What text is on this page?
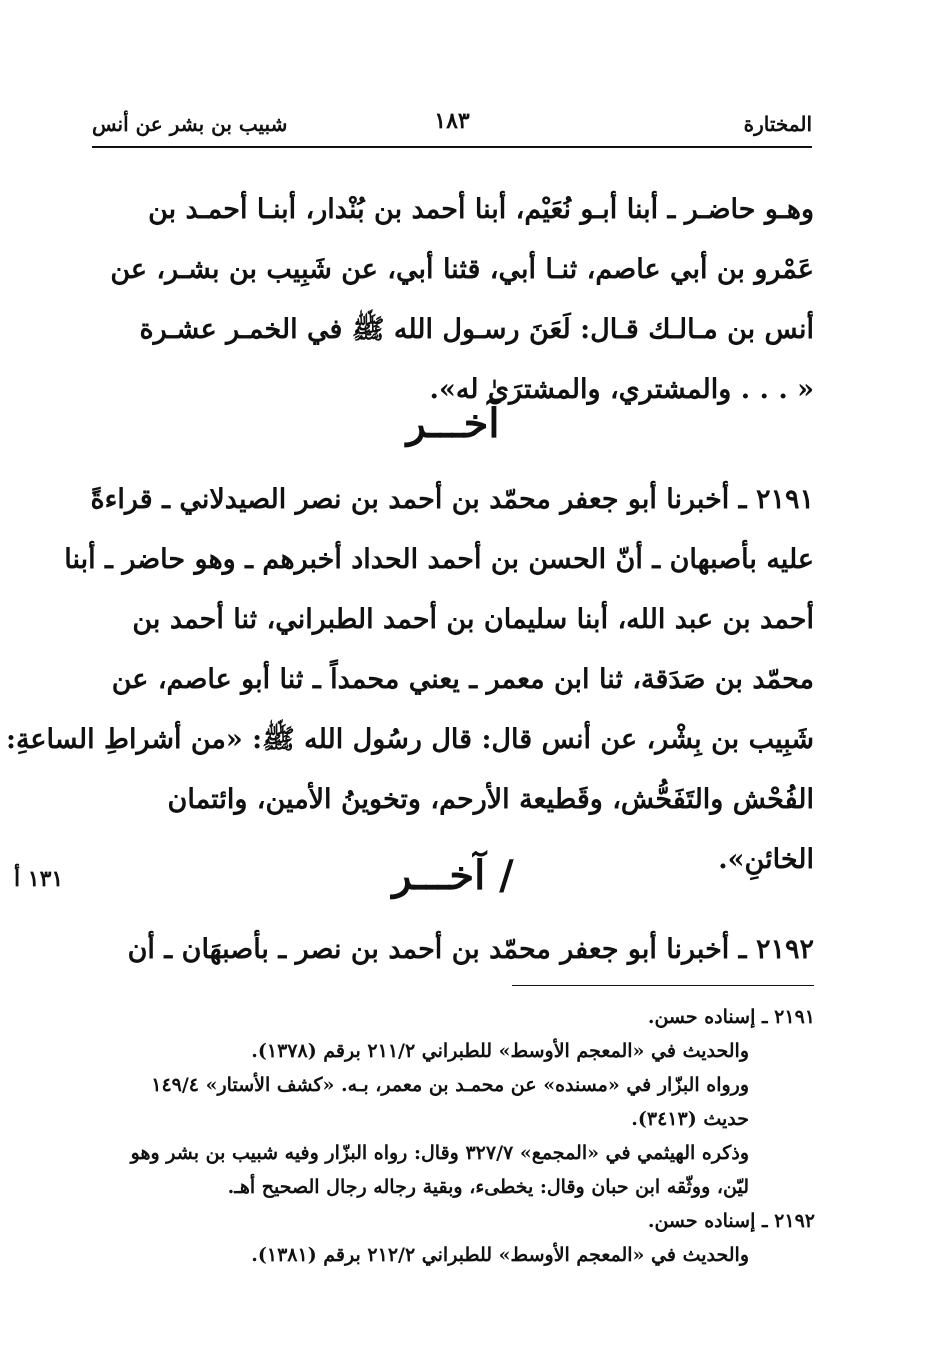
المختارة
١٨٣
شبيب بن بشر عن أنس
وهـو حاضـر ـ أبنا أبـو نُعَيْم، أبنا أحمد بن بُنْدار، أبنـا أحمـد بن
عَمْرو بن أبي عاصم، ثنـا أبي، قثنا أبي، عن شَبِيب بن بشـر، عن
أنس بن مـالـك قـال: لَعَنَ رسـول الله ﷺ في الخمـر عشـرة
« . . . والمشتري، والمشترَىٰ له».
آخـــر
٢١٩١ ـ أخبرنا أبو جعفر محمّد بن أحمد بن نصر الصيدلاني ـ قراءةً
عليه بأصبهان ـ أنّ الحسن بن أحمد الحداد أخبرهم ـ وهو حاضر ـ أبنا
أحمد بن عبد الله، أبنا سليمان بن أحمد الطبراني، ثنا أحمد بن
محمّد بن صَدَقة، ثنا ابن معمر ـ يعني محمداً ـ ثنا أبو عاصم، عن
شَبِيب بن بِشْر، عن أنس قال: قال رسُول الله ﷺ: «من أشراطِ الساعةِ:
الفُحْش والتَفَحُّش، وقَطيعة الأرحم، وتخوينُ الأمين، وائتمان
الخائنِ».
/ آخـــر
١٣١ أ
٢١٩٢ ـ أخبرنا أبو جعفر محمّد بن أحمد بن نصر ـ بأصبهَان ـ أن
٢١٩١ ـ إسناده حسن.
والحديث في «المعجم الأوسط» للطبراني ٢١١/٢ برقم (١٣٧٨).
ورواه البزّار في «مسنده» عن محمـد بن معمر، بـه. «كشف الأستار» ١٤٩/٤
حديث (٣٤١٣).
وذكره الهيثمي في «المجمع» ٣٢٧/٧ وقال: رواه البزّار وفيه شبيب بن بشر وهو
ليّن، ووثّقه ابن حبان وقال: يخطىء، وبقية رجاله رجال الصحيح أهـ.
٢١٩٢ ـ إسناده حسن.
والحديث في «المعجم الأوسط» للطبراني ٢١٢/٢ برقم (١٣٨١).
